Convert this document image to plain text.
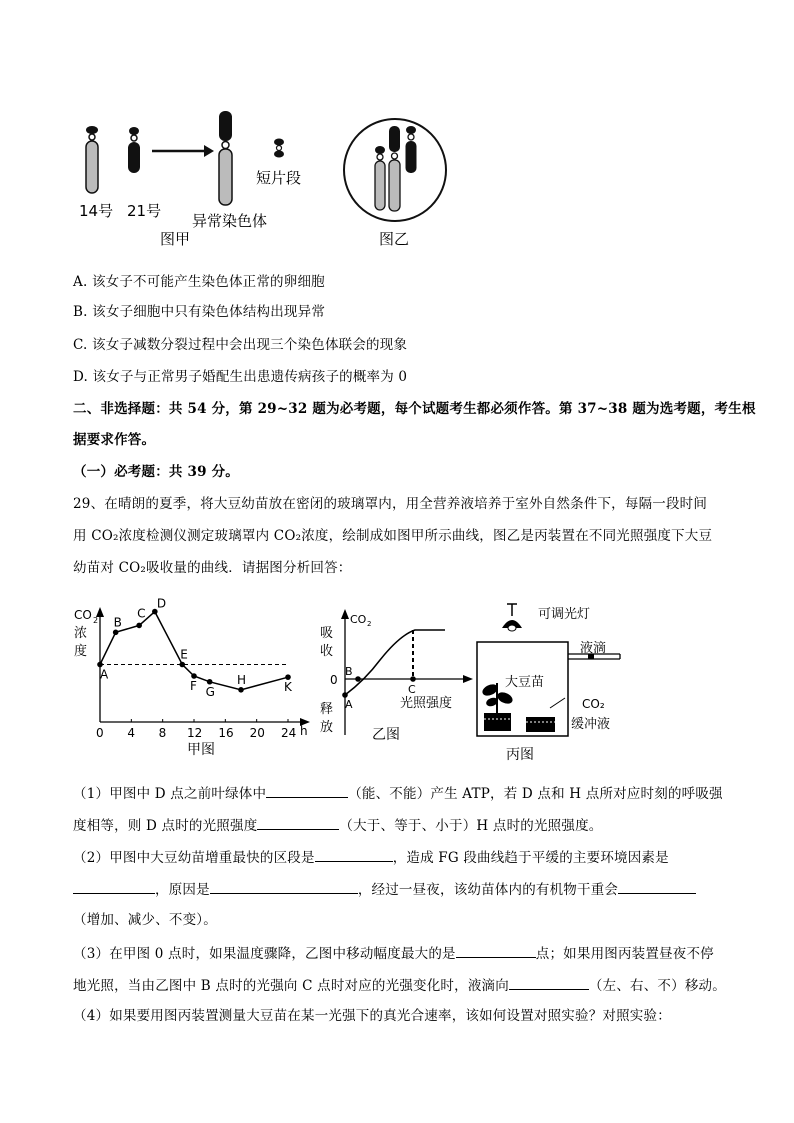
14号 21号
异常染色体
短片段
图甲	图乙
A. 该女子不可能产生染色体正常的卵细胞
B. 该女子细胞中只有染色体结构出现异常
C. 该女子减数分裂过程中会出现三个染色体联会的现象
D. 该女子与正常男子婚配生出患遗传病孩子的概率为 0
二、非选择题：共 54 分，第 29~32 题为必考题，每个试题考生都必须作答。第 37~38 题为选考题，考生根
据要求作答。
（一）必考题：共 39 分。
29、在晴朗的夏季，将大豆幼苗放在密闭的玻璃罩内，用全营养液培养于室外自然条件下，每隔一段时间
用 CO₂浓度检测仪测定玻璃罩内 CO₂浓度，绘制成如图甲所示曲线，图乙是丙装置在不同光照强度下大豆
幼苗对 CO₂吸收量的曲线．请据图分析回答：
CO 2
浓
度
h
0 4 8 12 16 20 24
A
B
C
D
E
F G
H
K
甲图
CO 2
吸
收
0
释
放
A
B
C
光照强度
乙图
可调光灯
液滴
大豆苗
CO₂
缓冲液
丙图
（1）甲图中 D 点之前叶绿体中	（能、不能）产生 ATP，若 D 点和 H 点所对应时刻的呼吸强
度相等，则 D 点时的光照强度	（大于、等于、小于）H 点时的光照强度。
（2）甲图中大豆幼苗增重最快的区段是	，造成 FG 段曲线趋于平缓的主要环境因素是
，原因是	，经过一昼夜，该幼苗体内的有机物干重会
（增加、减少、不变）。
（3）在甲图 0 点时，如果温度骤降，乙图中移动幅度最大的是	点；如果用图丙装置昼夜不停
地光照，当由乙图中 B 点时的光强向 C 点时对应的光强变化时，液滴向	（左、右、不）移动。
（4）如果要用图丙装置测量大豆苗在某一光强下的真光合速率，该如何设置对照实验？对照实验：
